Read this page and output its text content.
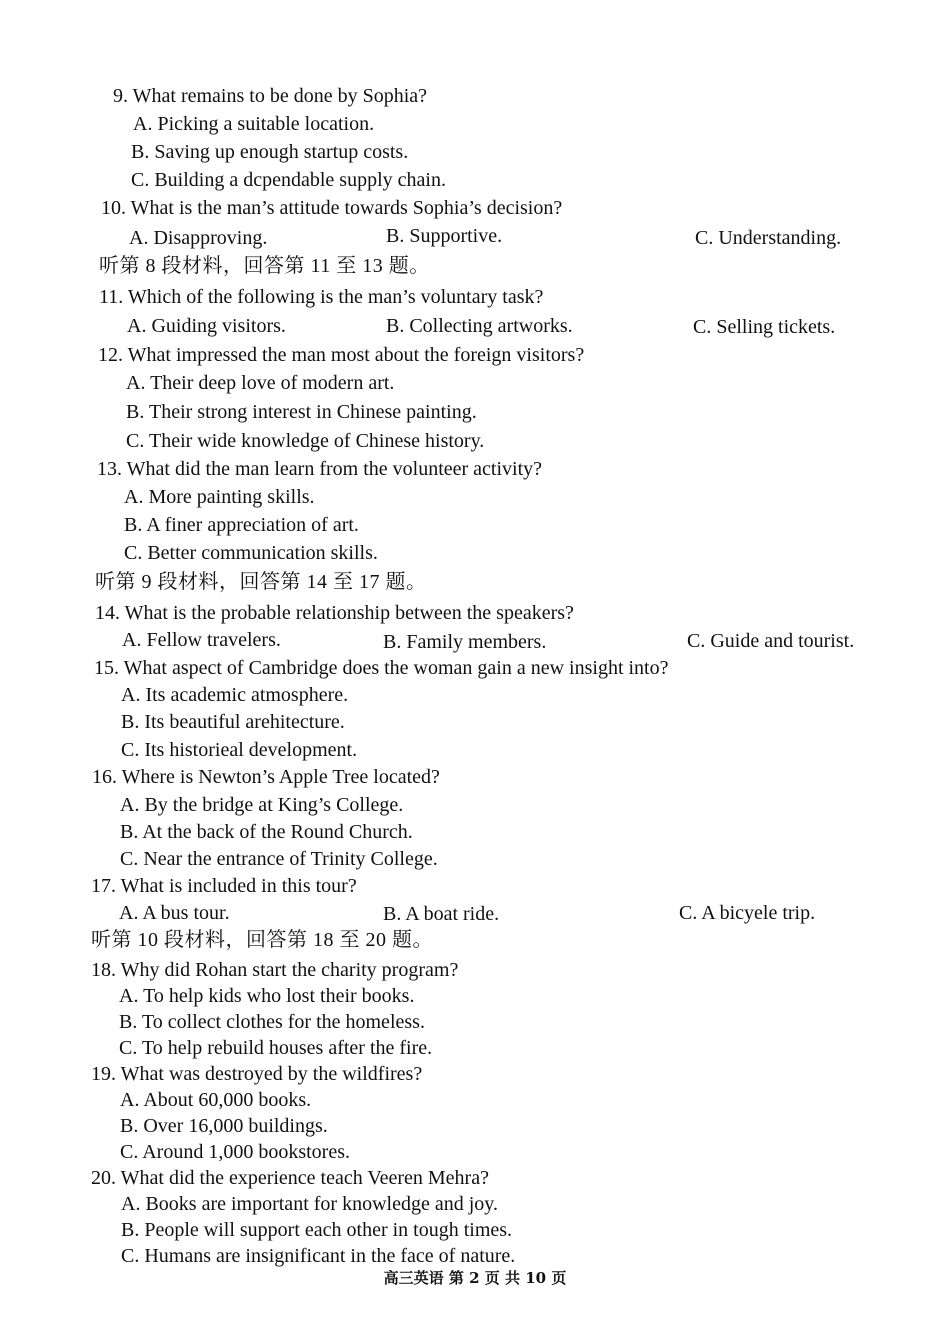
9. What remains to be done by Sophia?
A. Picking a suitable location.
B. Saving up enough startup costs.
C. Building a dcpendable supply chain.
10. What is the man’s attitude towards Sophia’s decision?
A. Disapproving.	B. Supportive.	C. Understanding.
听第 8 段材料，回答第 11 至 13 题。
11. Which of the following is the man’s voluntary task?
A. Guiding visitors.	B. Collecting artworks.	C. Selling tickets.
12. What impressed the man most about the foreign visitors?
A. Their deep love of modern art.
B. Their strong interest in Chinese painting.
C. Their wide knowledge of Chinese history.
13. What did the man learn from the volunteer activity?
A. More painting skills.
B. A finer appreciation of art.
C. Better communication skills.
听第 9 段材料，回答第 14 至 17 题。
14. What is the probable relationship between the speakers?
A. Fellow travelers.	B. Family members.	C. Guide and tourist.
15. What aspect of Cambridge does the woman gain a new insight into?
A. Its academic atmosphere.
B. Its beautiful arehitecture.
C. Its historieal development.
16. Where is Newton’s Apple Tree located?
A. By the bridge at King’s College.
B. At the back of the Round Church.
C. Near the entrance of Trinity College.
17. What is included in this tour?
A. A bus tour.	B. A boat ride.	C. A bicyele trip.
听第 10 段材料，回答第 18 至 20 题。
18. Why did Rohan start the charity program?
A. To help kids who lost their books.
B. To collect clothes for the homeless.
C. To help rebuild houses after the fire.
19. What was destroyed by the wildfires?
A. About 60,000 books.
B. Over 16,000 buildings.
C. Around 1,000 bookstores.
20. What did the experience teach Veeren Mehra?
A. Books are important for knowledge and joy.
B. People will support each other in tough times.
C. Humans are insignificant in the face of nature.
高三英语 第 2 页 共 10 页
